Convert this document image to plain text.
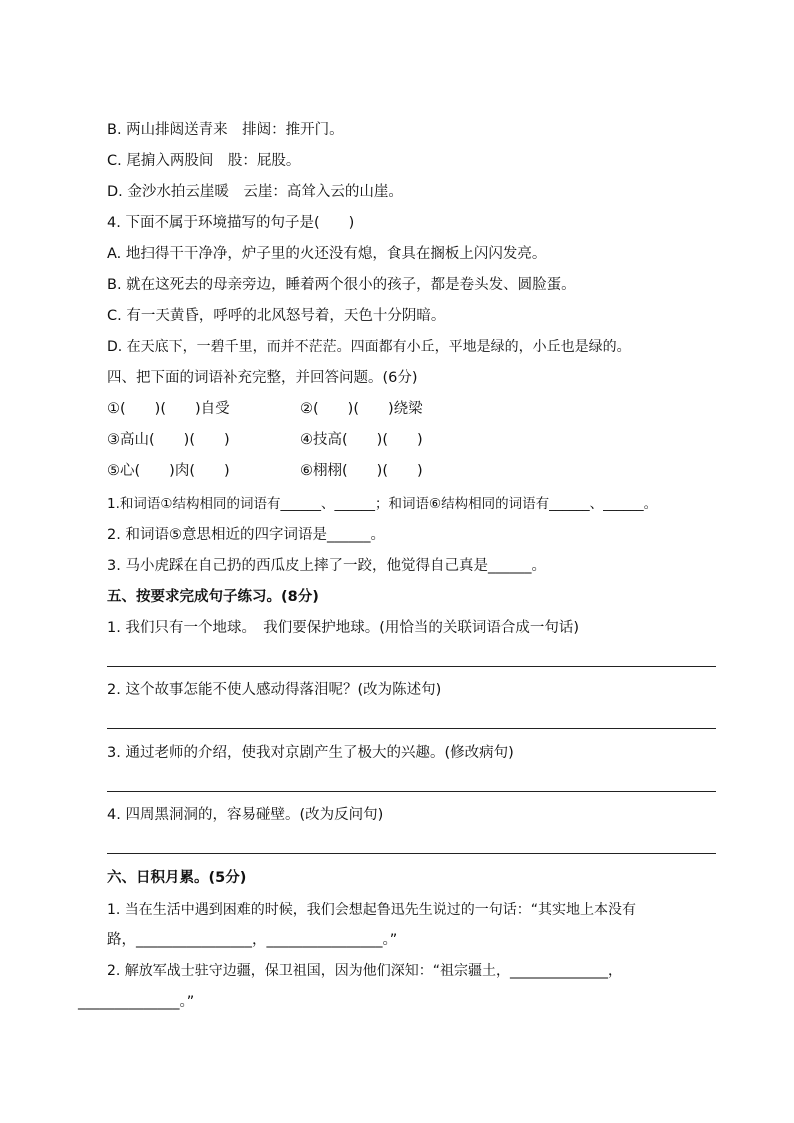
B. 两山排闼送青来　排闼：推开门。
C. 尾掮入两股间　股：屁股。
D. 金沙水拍云崖暖　云崖：高耸入云的山崖。
4. 下面不属于环境描写的句子是(　　)
A. 地扫得干干净净，炉子里的火还没有熄，食具在搁板上闪闪发亮。
B. 就在这死去的母亲旁边，睡着两个很小的孩子，都是卷头发、圆脸蛋。
C. 有一天黄昏，呼呼的北风怒号着，天色十分阴暗。
D. 在天底下，一碧千里，而并不茫茫。四面都有小丘，平地是绿的，小丘也是绿的。
四、把下面的词语补充完整，并回答问题。(6分)
①(　　)(　　)自受	②(　　)(　　)绕梁
③高山(　　)(　　)	④技高(　　)(　　)
⑤心(　　)肉(　　)	⑥栩栩(　　)(　　)
1.和词语①结构相同的词语有______、______；和词语⑥结构相同的词语有______、______。
2. 和词语⑤意思相近的四字词语是______。
3. 马小虎踩在自己扔的西瓜皮上摔了一跤，他觉得自己真是______。
五、按要求完成句子练习。(8分)
1. 我们只有一个地球。　我们要保护地球。(用恰当的关联词语合成一句话)
2. 这个故事怎能不使人感动得落泪呢？(改为陈述句)
3. 通过老师的介绍，使我对京剧产生了极大的兴趣。(修改病句)
4. 四周黑洞洞的，容易碰壁。(改为反问句)
六、日积月累。(5分)
1. 当在生活中遇到困难的时候，我们会想起鲁迅先生说过的一句话：“其实地上本没有
路，________________，________________。”
2. 解放军战士驻守边疆，保卫祖国，因为他们深知：“祖宗疆土，______________，
______________。”
